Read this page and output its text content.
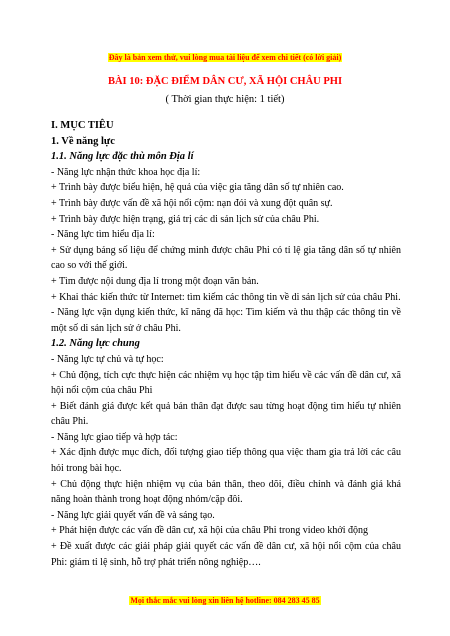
Đây là bản xem thử, vui lòng mua tài liệu để xem chi tiết (có lời giải)
BÀI 10: ĐẶC ĐIỂM DÂN CƯ, XÃ HỘI CHÂU PHI
( Thời gian thực hiện: 1 tiết)

I. MỤC TIÊU

1. Về năng lực

1.1. Năng lực đặc thù môn Địa lí

- Năng lực nhận thức khoa học địa lí:

+ Trình bày được biểu hiện, hệ quả của việc gia tăng dân số tự nhiên cao.

+ Trình bày được vấn đề xã hội nổi cộm: nạn đói và xung đột quân sự.

+ Trình bày được hiện trạng, giá trị các di sản lịch sử của châu Phi.

- Năng lực tìm hiểu địa lí:

+ Sử dụng bảng số liệu để chứng minh được châu Phi có tỉ lệ gia tăng dân số tự nhiên cao so với thế giới.

+ Tìm được nội dung địa lí trong một đoạn văn bản.

+ Khai thác kiến thức từ Internet: tìm kiếm các thông tin về di sản lịch sử của châu Phi.

- Năng lực vận dụng kiến thức, kĩ năng đã học: Tìm kiếm và thu thập các thông tin về một số di sản lịch sử ở châu Phi.

1.2. Năng lực chung

- Năng lực tự chủ và tự học:

+ Chủ động, tích cực thực hiện các nhiệm vụ học tập tìm hiểu về các vấn đề dân cư, xã hội nổi cộm của châu Phi

+ Biết đánh giá được kết quả bản thân đạt được sau từng hoạt động tìm hiểu tự nhiên châu Phi.

- Năng lực giao tiếp và hợp tác:

+ Xác định được mục đích, đối tượng giao tiếp thông qua việc tham gia trả lời các câu hỏi trong bài học.

+ Chủ động thực hiện nhiệm vụ của bản thân, theo dõi, điều chỉnh và đánh giá khả năng hoàn thành trong hoạt động nhóm/cặp đôi.

- Năng lực giải quyết vấn đề và sáng tạo.

+ Phát hiện được các vấn đề dân cư, xã hội của châu Phi trong video khởi động

+ Đề xuất được các giải pháp giải quyết các vấn đề dân cư, xã hội nổi cộm của châu Phi: giảm tỉ lệ sinh, hỗ trợ phát triển nông nghiệp….

Mọi thắc mắc vui lòng xin liên hệ hotline: 084 283 45 85
